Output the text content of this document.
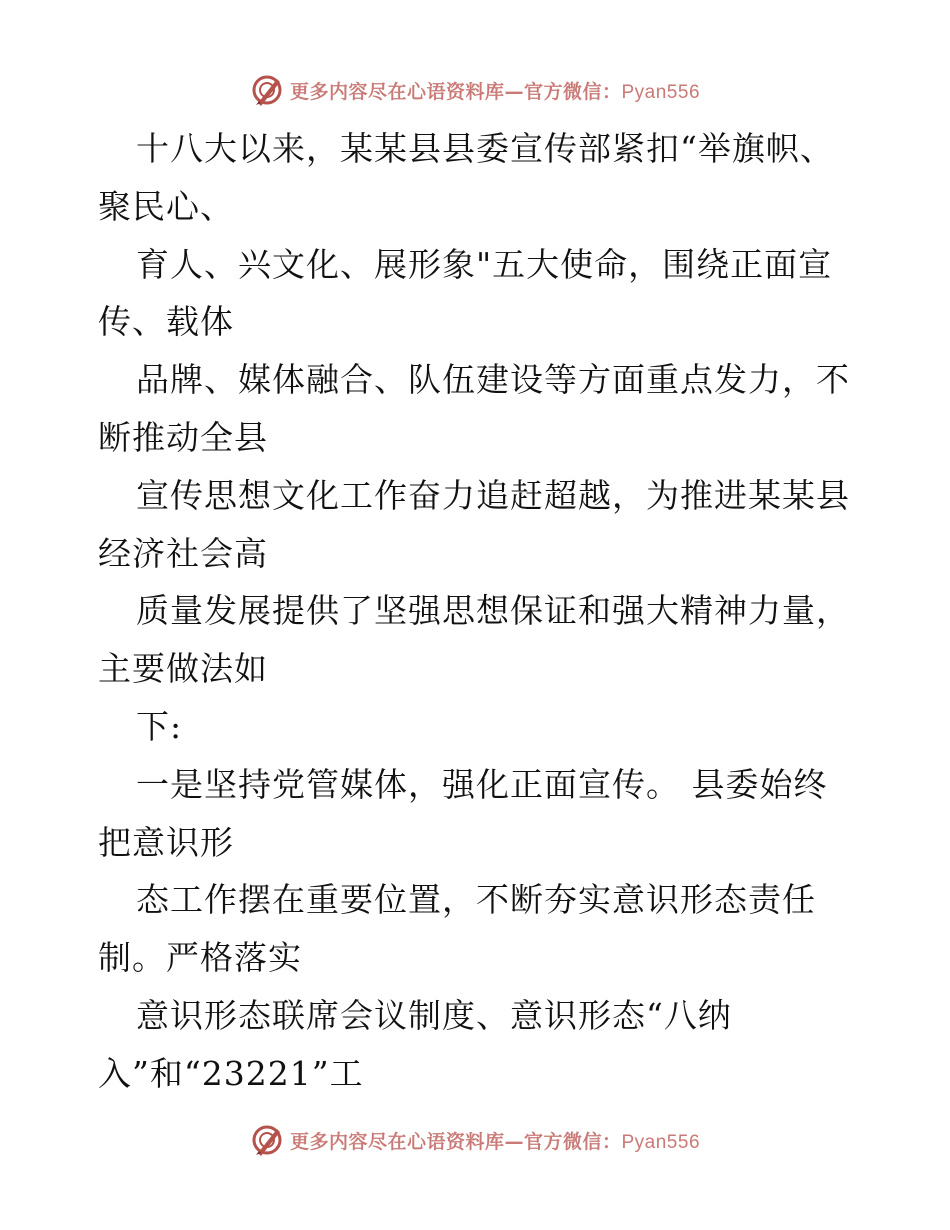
更多内容尽在心语资料库—官方微信：Pyan556
十八大以来，某某县县委宣传部紧扣“举旗帜、
聚民心、
育人、兴文化、展形象"五大使命，围绕正面宣
传、载体
品牌、媒体融合、队伍建设等方面重点发力，不
断推动全县
宣传思想文化工作奋力追赶超越，为推进某某县
经济社会高
质量发展提供了坚强思想保证和强大精神力量，
主要做法如
下:
一是坚持党管媒体，强化正面宣传。 县委始终
把意识形
态工作摆在重要位置，不断夯实意识形态责任
制。严格落实
意识形态联席会议制度、意识形态“八纳
入”和“23221”工
更多内容尽在心语资料库—官方微信：Pyan556
